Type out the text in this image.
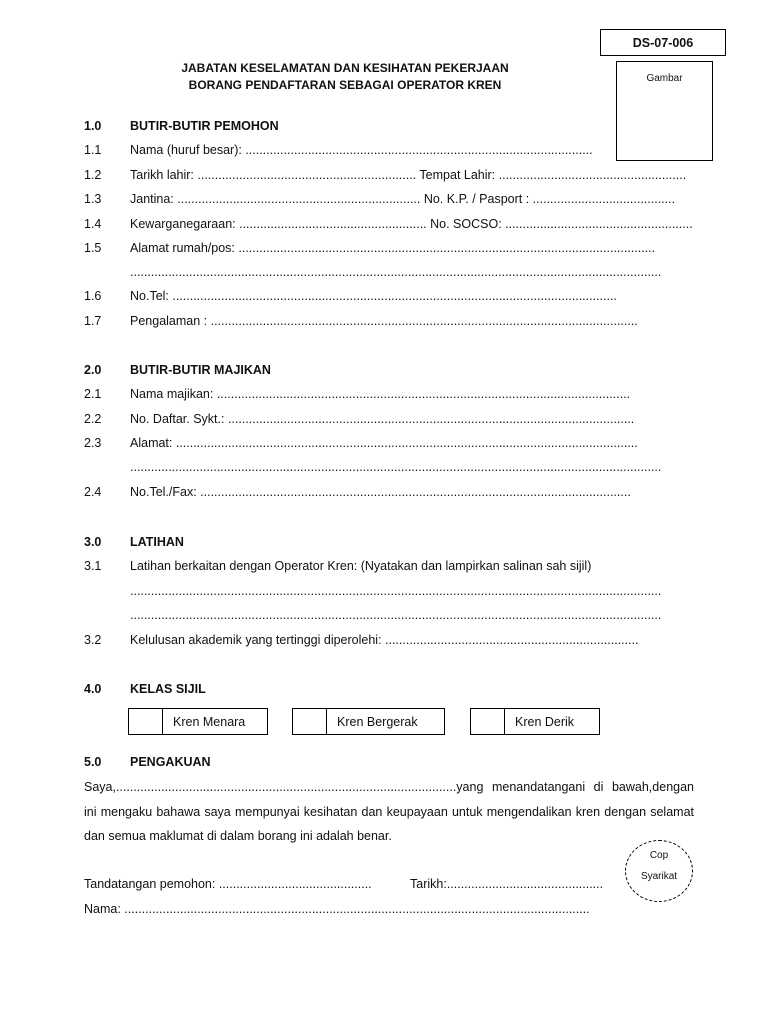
DS-07-006
Gambar
JABATAN KESELAMATAN DAN KESIHATAN PEKERJAAN
BORANG PENDAFTARAN SEBAGAI OPERATOR KREN
1.0 BUTIR-BUTIR PEMOHON
1.1 Nama (huruf besar): ....................................................................................................
1.2 Tarikh lahir: ............................................................... Tempat Lahir: ......................................................
1.3 Jantina: ...................................................................... No. K.P. / Pasport : .........................................
1.4 Kewarganegaraan: ...................................................... No. SOCSO: ......................................................
1.5 Alamat rumah/pos: ........................................................................................................................
.........................................................................................................................................................
1.6 No.Tel: ................................................................................................................................
1.7 Pengalaman : ...........................................................................................................................
2.0 BUTIR-BUTIR MAJIKAN
2.1 Nama majikan: .......................................................................................................................
2.2 No. Daftar. Sykt.: .....................................................................................................................
2.3 Alamat: .....................................................................................................................................
.........................................................................................................................................................
2.4 No.Tel./Fax: ............................................................................................................................
3.0 LATIHAN
3.1 Latihan berkaitan dengan Operator Kren: (Nyatakan dan lampirkan salinan sah sijil)
.........................................................................................................................................................
.........................................................................................................................................................
3.2 Kelulusan akademik yang tertinggi diperolehi: .........................................................................
4.0 KELAS SIJIL
Kren Menara	Kren Bergerak	Kren Derik
5.0 PENGAKUAN
Saya,..................................................................................................yang menandatangani di bawah,dengan ini mengaku bahawa saya mempunyai kesihatan dan keupayaan untuk mengendalikan kren dengan selamat dan semua maklumat di dalam borang ini adalah benar.
Cop
Syarikat
Tandatangan pemohon: ............................................	Tarikh:.............................................
Nama: ......................................................................................................................................
